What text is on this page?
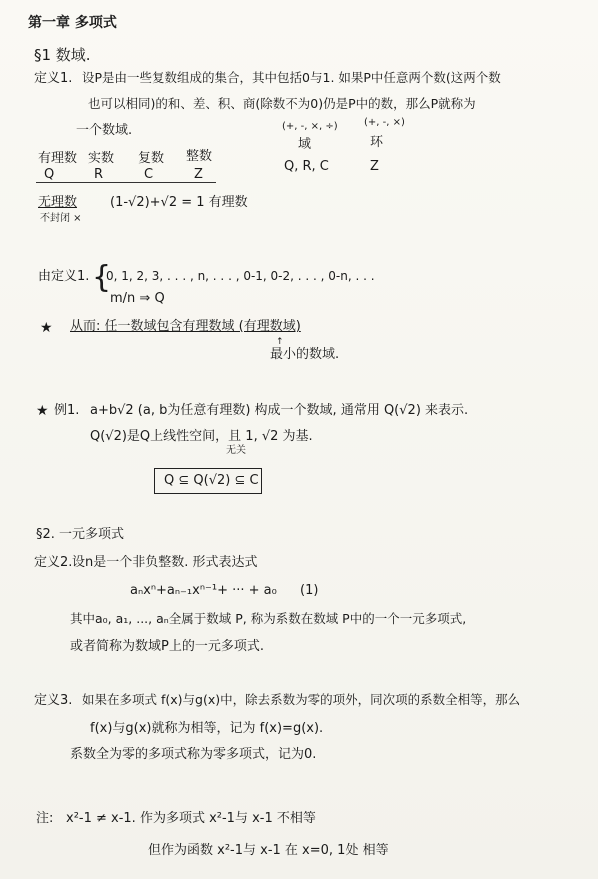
第一章 多项式
§1 数域.
定义1. 设P是由一些复数组成的集合，其中包括0与1. 如果P中任意两个数(这两个数
也可以相同)的和、差、积、商(除数不为0)仍是P中的数，那么P就称为
一个数域.	(+, -, ×, ÷)
域
Q, R, C
(+, -, ×)
环
Z
有理数
Q
实数
R
复数
C
整数
Z
无理数
不封闭 ×
(1-√2)+√2 = 1 有理数
由定义1. {
0, 1, 2, 3, . . . , n, . . . , 0-1, 0-2, . . . , 0-n, . . .
m/n ⇒ Q
★ 从而: 任一数域包含有理数域 (有理数域)
↑
最小的数域.
★ 例1. a+b√2 (a, b为任意有理数) 构成一个数域, 通常用 Q(√2) 来表示.
Q(√2)是Q上线性空间，且 1, √2 为基.
无关
Q ⊆ Q(√2) ⊆ C
§2. 一元多项式
定义2. 设n是一个非负整数. 形式表达式
aₙxⁿ+aₙ₋₁xⁿ⁻¹+ ··· + a₀ (1)
其中a₀, a₁, ..., aₙ全属于数域 P, 称为系数在数域 P中的一个一元多项式,
或者简称为数域P上的一元多项式.
定义3. 如果在多项式 f(x)与g(x)中，除去系数为零的项外，同次项的系数全相等，那么
f(x)与g(x)就称为相等，记为 f(x)=g(x).
系数全为零的多项式称为零多项式，记为0.
注: x²-1 ≠ x-1. 作为多项式 x²-1与 x-1 不相等
但作为函数 x²-1与 x-1 在 x=0, 1处 相等
